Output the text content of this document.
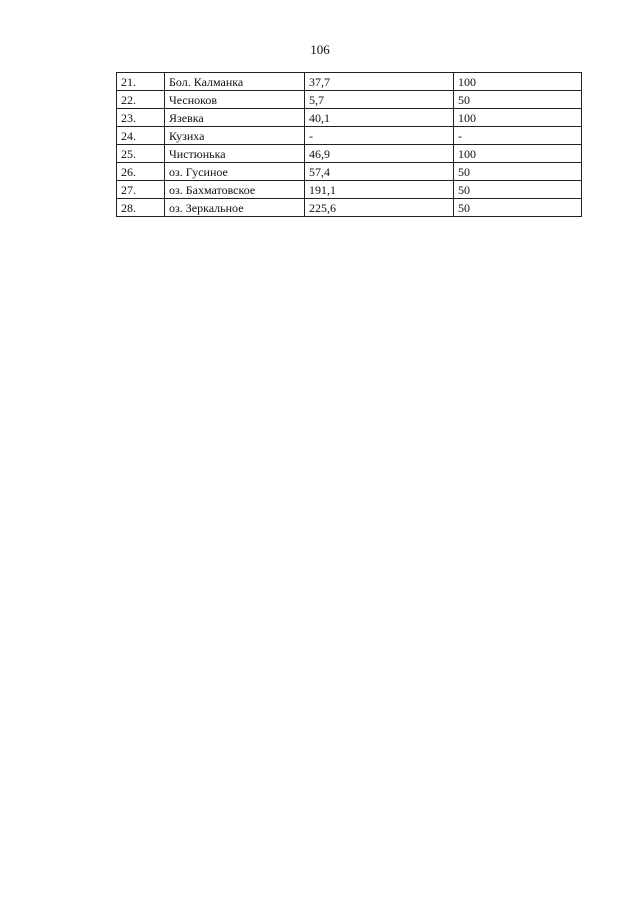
106
21.	Бол. Калманка	37,7	100
22.	Чесноков	5,7	50
23.	Язевка	40,1	100
24.	Кузиха	-	-
25.	Чистюнька	46,9	100
26.	оз. Гусиное	57,4	50
27.	оз. Бахматовское	191,1	50
28.	оз. Зеркальное	225,6	50
